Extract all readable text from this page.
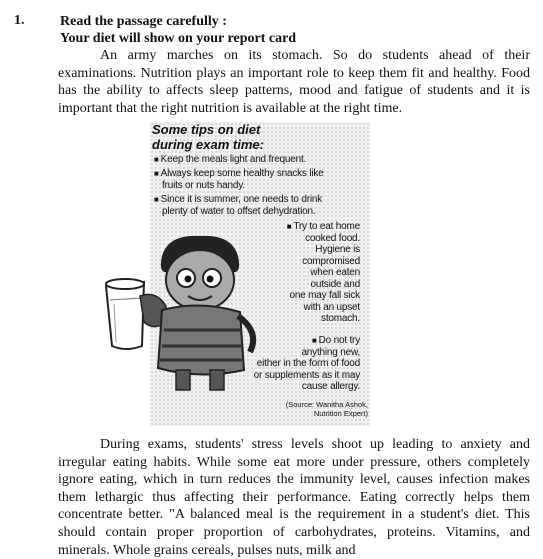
1.	Read the passage carefully :
Your diet will show on your report card

An army marches on its stomach. So do students ahead of their examinations. Nutrition plays an important role to keep them fit and healthy. Food has the ability to affects sleep patterns, mood and fatigue of students and it is important that the right nutrition is available at the right time.

Some tips on diet
during exam time:
■ Keep the meals light and frequent.
■ Always keep some healthy snacks like
fruits or nuts handy.
■ Since it is summer, one needs to drink
plenty of water to offset dehydration.
■ Try to eat home
cooked food.
Hygiene is
compromised
when eaten
outside and
one may fall sick
with an upset
stomach.
■ Do not try
anything new,
either in the form of food
or supplements as it may
cause allergy.
(Source: Wanitha Ashok,
Nutrition Expert)

During exams, students' stress levels shoot up leading to anxiety and irregular eating habits. While some eat more under pressure, others completely ignore eating, which in turn reduces the immunity level, causes infection makes them lethargic thus affecting their performance. Eating correctly helps them concentrate better. "A balanced meal is the requirement in a student's diet. This should contain proper proportion of carbohydrates, proteins. Vitamins, and minerals. Whole grains cereals, pulses nuts, milk and
